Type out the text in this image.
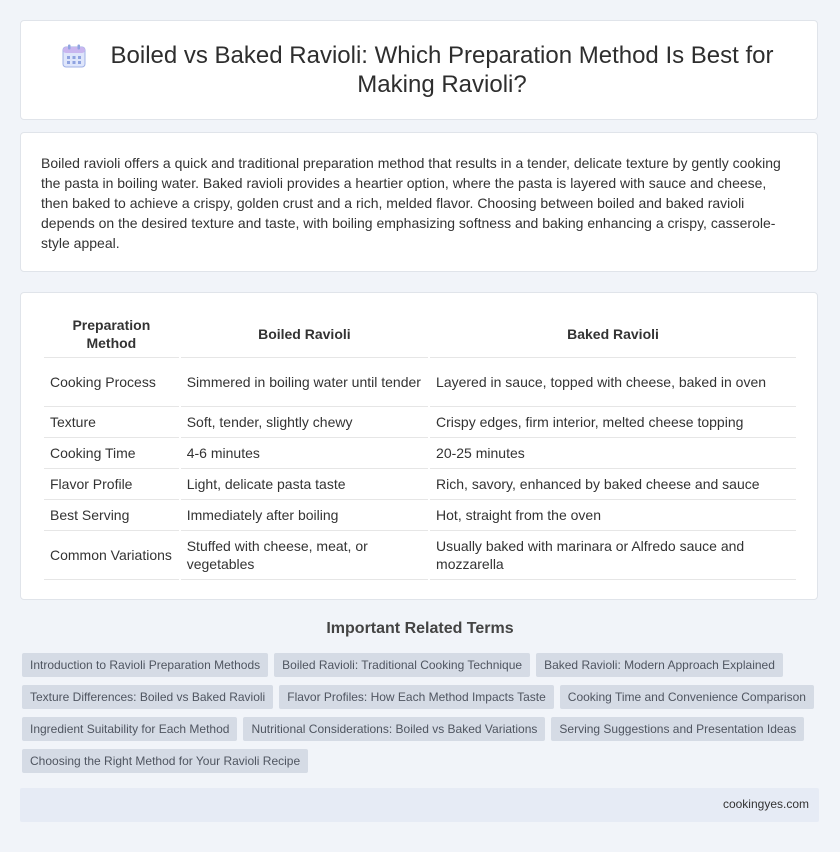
Boiled vs Baked Ravioli: Which Preparation Method Is Best for Making Ravioli?

Boiled ravioli offers a quick and traditional preparation method that results in a tender, delicate texture by gently cooking the pasta in boiling water. Baked ravioli provides a heartier option, where the pasta is layered with sauce and cheese, then baked to achieve a crispy, golden crust and a rich, melded flavor. Choosing between boiled and baked ravioli depends on the desired texture and taste, with boiling emphasizing softness and baking enhancing a crispy, casserole-style appeal.

Preparation Method	Boiled Ravioli	Baked Ravioli
Cooking Process	Simmered in boiling water until tender	Layered in sauce, topped with cheese, baked in oven
Texture	Soft, tender, slightly chewy	Crispy edges, firm interior, melted cheese topping
Cooking Time	4-6 minutes	20-25 minutes
Flavor Profile	Light, delicate pasta taste	Rich, savory, enhanced by baked cheese and sauce
Best Serving	Immediately after boiling	Hot, straight from the oven
Common Variations	Stuffed with cheese, meat, or vegetables	Usually baked with marinara or Alfredo sauce and mozzarella
Important Related Terms
Introduction to Ravioli Preparation Methods	Boiled Ravioli: Traditional Cooking Technique	Baked Ravioli: Modern Approach Explained
Texture Differences: Boiled vs Baked Ravioli	Flavor Profiles: How Each Method Impacts Taste	Cooking Time and Convenience Comparison
Ingredient Suitability for Each Method	Nutritional Considerations: Boiled vs Baked Variations	Serving Suggestions and Presentation Ideas
Choosing the Right Method for Your Ravioli Recipe
cookingyes.com
